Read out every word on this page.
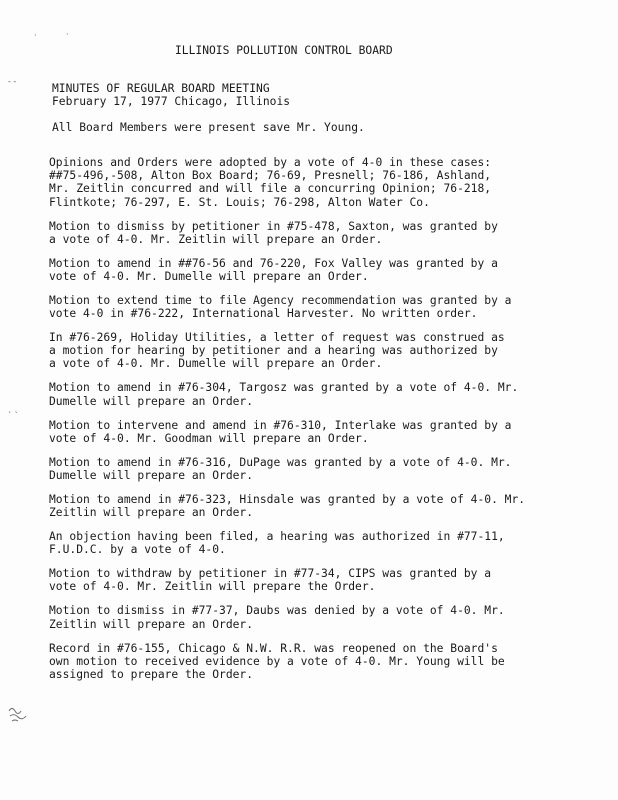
·	·
- -
` `
ILLINOIS POLLUTION CONTROL BOARD
MINUTES OF REGULAR BOARD MEETING
February 17, 1977 Chicago, Illinois
All Board Members were present save Mr. Young.
Opinions and Orders were adopted by a vote of 4-0 in these cases:
##75-496,-508, Alton Box Board; 76-69, Presnell; 76-186, Ashland,
Mr. Zeitlin concurred and will file a concurring Opinion; 76-218,
Flintkote; 76-297, E. St. Louis; 76-298, Alton Water Co.
Motion to dismiss by petitioner in #75-478, Saxton, was granted by
a vote of 4-0. Mr. Zeitlin will prepare an Order.
Motion to amend in ##76-56 and 76-220, Fox Valley was granted by a
vote of 4-0. Mr. Dumelle will prepare an Order.
Motion to extend time to file Agency recommendation was granted by a
vote 4-0 in #76-222, International Harvester. No written order.
In #76-269, Holiday Utilities, a letter of request was construed as
a motion for hearing by petitioner and a hearing was authorized by
a vote of 4-0. Mr. Dumelle will prepare an Order.
Motion to amend in #76-304, Targosz was granted by a vote of 4-0. Mr.
Dumelle will prepare an Order.
Motion to intervene and amend in #76-310, Interlake was granted by a
vote of 4-0. Mr. Goodman will prepare an Order.
Motion to amend in #76-316, DuPage was granted by a vote of 4-0. Mr.
Dumelle will prepare an Order.
Motion to amend in #76-323, Hinsdale was granted by a vote of 4-0. Mr.
Zeitlin will prepare an Order.
An objection having been filed, a hearing was authorized in #77-11,
F.U.D.C. by a vote of 4-0.
Motion to withdraw by petitioner in #77-34, CIPS was granted by a
vote of 4-0. Mr. Zeitlin will prepare the Order.
Motion to dismiss in #77-37, Daubs was denied by a vote of 4-0. Mr.
Zeitlin will prepare an Order.
Record in #76-155, Chicago & N.W. R.R. was reopened on the Board's
own motion to received evidence by a vote of 4-0. Mr. Young will be
assigned to prepare the Order.
